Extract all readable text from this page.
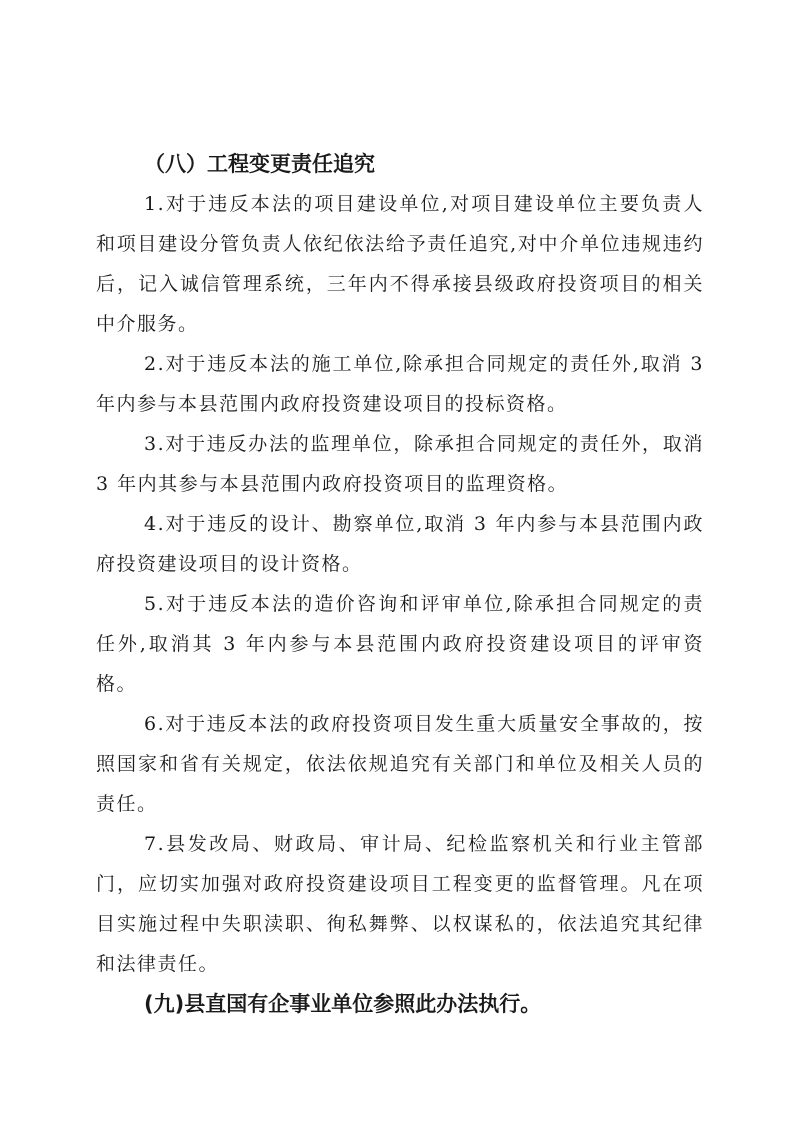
（八）工程变更责任追究

1.对于违反本法的项目建设单位,对项目建设单位主要负责人和项目建设分管负责人依纪依法给予责任追究,对中介单位违规违约后，记入诚信管理系统，三年内不得承接县级政府投资项目的相关中介服务。

2.对于违反本法的施工单位,除承担合同规定的责任外,取消 3 年内参与本县范围内政府投资建设项目的投标资格。

3.对于违反办法的监理单位，除承担合同规定的责任外，取消 3 年内其参与本县范围内政府投资项目的监理资格。

4.对于违反的设计、勘察单位,取消 3 年内参与本县范围内政府投资建设项目的设计资格。

5.对于违反本法的造价咨询和评审单位,除承担合同规定的责任外,取消其 3 年内参与本县范围内政府投资建设项目的评审资格。

6.对于违反本法的政府投资项目发生重大质量安全事故的，按照国家和省有关规定，依法依规追究有关部门和单位及相关人员的责任。

7.县发改局、财政局、审计局、纪检监察机关和行业主管部门，应切实加强对政府投资建设项目工程变更的监督管理。凡在项目实施过程中失职渎职、徇私舞弊、以权谋私的，依法追究其纪律和法律责任。

(九)县直国有企事业单位参照此办法执行。
